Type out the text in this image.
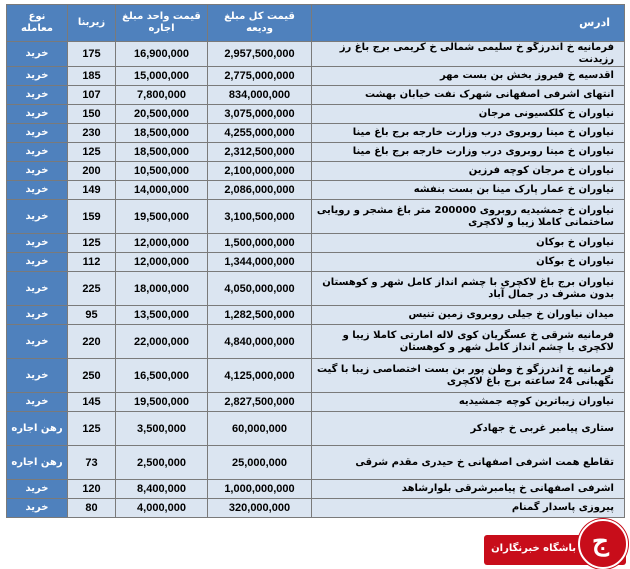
نوع معامله	زیربنا	قیمت واحد مبلغ اجاره	قیمت کل مبلغ ودیعه	ادرس
خرید	175	16,900,000	2,957,500,000	فرمانیه خ اندرزگو خ سلیمی شمالی خ کریمی برج باغ رز رزیدنت
خرید	185	15,000,000	2,775,000,000	اقدسیه خ فیروز بخش بن بست مهر
خرید	107	7,800,000	834,000,000	انتهای اشرفی اصفهانی شهرک نفت خیابان بهشت
خرید	150	20,500,000	3,075,000,000	نیاوران خ کلکسیونی مرجان
خرید	230	18,500,000	4,255,000,000	نیاوران خ مینا روبروی درب وزارت خارجه برج باغ مینا
خرید	125	18,500,000	2,312,500,000	نیاوران خ مینا روبروی درب وزارت خارجه برج باغ مینا
خرید	200	10,500,000	2,100,000,000	نیاوران خ مرجان کوچه فرزین
خرید	149	14,000,000	2,086,000,000	نیاوران خ عمار پارک مینا بن بست بنفشه
خرید	159	19,500,000	3,100,500,000	نیاوران خ جمشیدیه روبروی 200000 متر باغ مشجر و رویایی ساختمانی کاملا زیبا و لاکچری
خرید	125	12,000,000	1,500,000,000	نیاوران خ بوکان
خرید	112	12,000,000	1,344,000,000	نیاوران خ بوکان
خرید	225	18,000,000	4,050,000,000	نیاوران برج باغ لاکچری با چشم انداز کامل شهر و کوهستان بدون مشرف در جمال آباد
خرید	95	13,500,000	1,282,500,000	میدان نیاوران خ جیلی روبروی زمین تنیس
خرید	220	22,000,000	4,840,000,000	فرمانیه شرقی خ عسگریان کوی لاله امارتی کاملا زیبا و لاکچری با چشم انداز کامل شهر و کوهستان
خرید	250	16,500,000	4,125,000,000	فرمانیه خ اندرزگو خ وطن پور بن بست اختصاصی زیبا با گیت نگهبانی 24 ساعته برج باغ لاکچری
خرید	145	19,500,000	2,827,500,000	نیاوران زیباترین کوچه جمشیدیه
رهن اجاره	125	3,500,000	60,000,000	ستاری پیامبر غربی خ جهادکر
رهن اجاره	73	2,500,000	25,000,000	تقاطع همت اشرفی اصفهانی خ حیدری مقدم شرقی
خرید	120	8,400,000	1,000,000,000	اشرفی اصفهانی خ پیامبرشرقی بلوارشاهد
خرید	80	4,000,000	320,000,000	پیروزی پاسدار گمنام
باشگاه خبرنگاران ج
